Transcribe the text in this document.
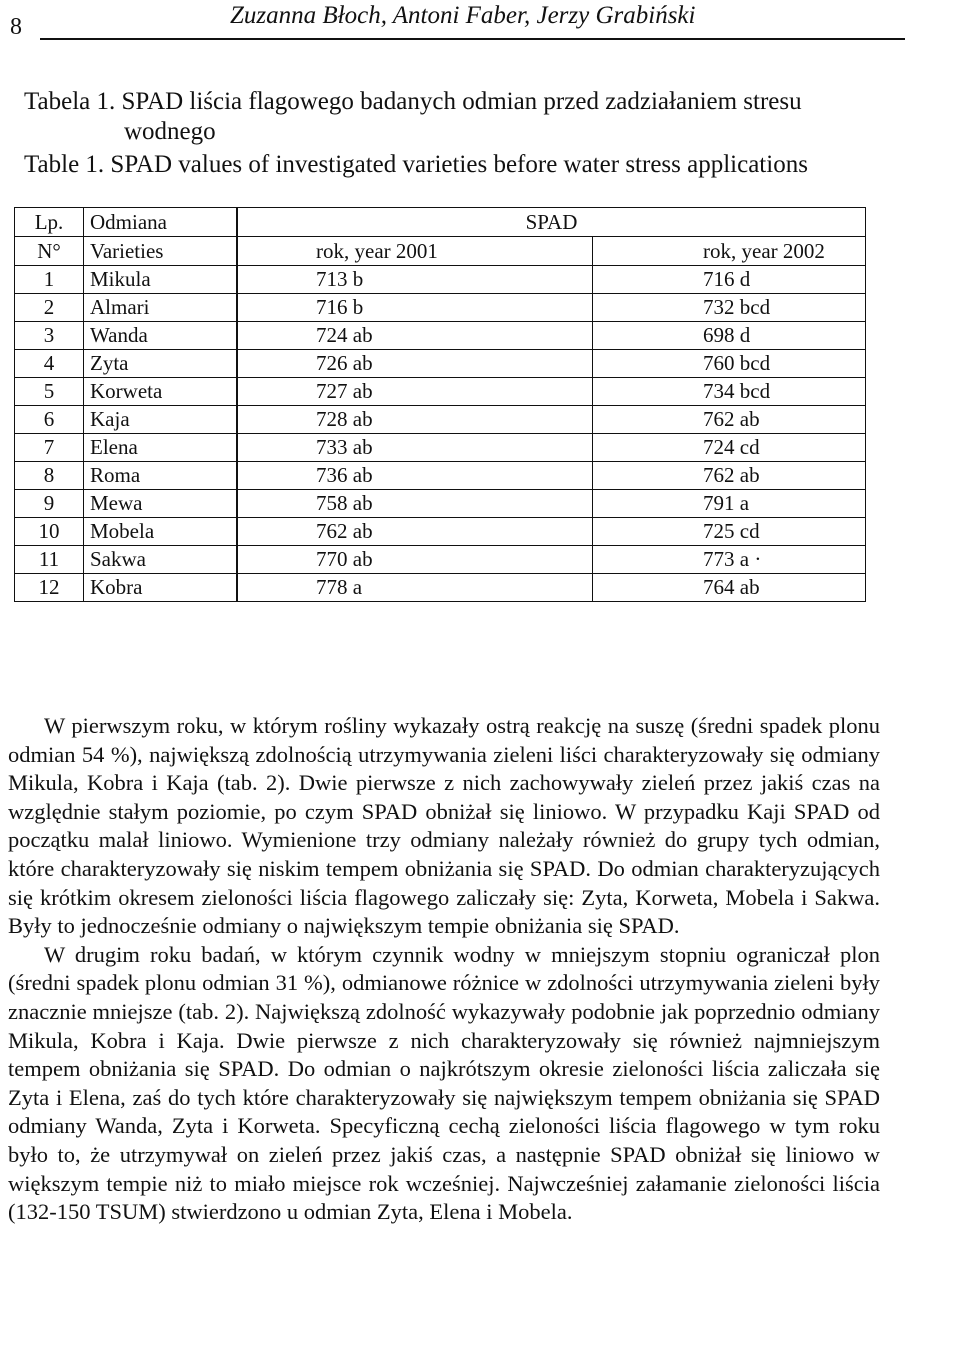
8	Zuzanna Błoch, Antoni Faber, Jerzy Grabiński
Tabela 1. SPAD liścia flagowego badanych odmian przed zadziałaniem stresu
wodnego
Table 1. SPAD values of investigated varieties before water stress applications
Lp.	Odmiana	SPAD	
N°	Varieties	rok, year 2001	rok, year 2002
1	Mikula	713 b	716 d
2	Almari	716 b	732 bcd
3	Wanda	724 ab	698 d
4	Zyta	726 ab	760 bcd
5	Korweta	727 ab	734 bcd
6	Kaja	728 ab	762 ab
7	Elena	733 ab	724 cd
8	Roma	736 ab	762 ab
9	Mewa	758 ab	791 a
10	Mobela	762 ab	725 cd
11	Sakwa	770 ab	773 a ·
12	Kobra	778 a	764 ab

W pierwszym roku, w którym rośliny wykazały ostrą reakcję na suszę (średni spadek plonu odmian 54 %), największą zdolnością utrzymywania zieleni liści charakteryzowały się odmiany Mikula, Kobra i Kaja (tab. 2). Dwie pierwsze z nich zachowywały zieleń przez jakiś czas na względnie stałym poziomie, po czym SPAD obniżał się liniowo. W przypadku Kaji SPAD od początku malał liniowo. Wymienione trzy odmiany należały również do grupy tych odmian, które charakteryzowały się niskim tempem obniżania się SPAD. Do odmian charakteryzujących się krótkim okresem zieloności liścia flagowego zaliczały się: Zyta, Korweta, Mobela i Sakwa. Były to jednocześnie odmiany o największym tempie obniżania się SPAD.

W drugim roku badań, w którym czynnik wodny w mniejszym stopniu ograniczał plon (średni spadek plonu odmian 31 %), odmianowe różnice w zdolności utrzymywania zieleni były znacznie mniejsze (tab. 2). Największą zdolność wykazywały podobnie jak poprzednio odmiany Mikula, Kobra i Kaja. Dwie pierwsze z nich charakteryzowały się również najmniejszym tempem obniżania się SPAD. Do odmian o najkrótszym okresie zieloności liścia zaliczała się Zyta i Elena, zaś do tych które charakteryzowały się największym tempem obniżania się SPAD odmiany Wanda, Zyta i Korweta. Specyficzną cechą zieloności liścia flagowego w tym roku było to, że utrzymywał on zieleń przez jakiś czas, a następnie SPAD obniżał się liniowo w większym tempie niż to miało miejsce rok wcześniej. Najwcześniej załamanie zieloności liścia (132-150 TSUM) stwierdzono u odmian Zyta, Elena i Mobela.
